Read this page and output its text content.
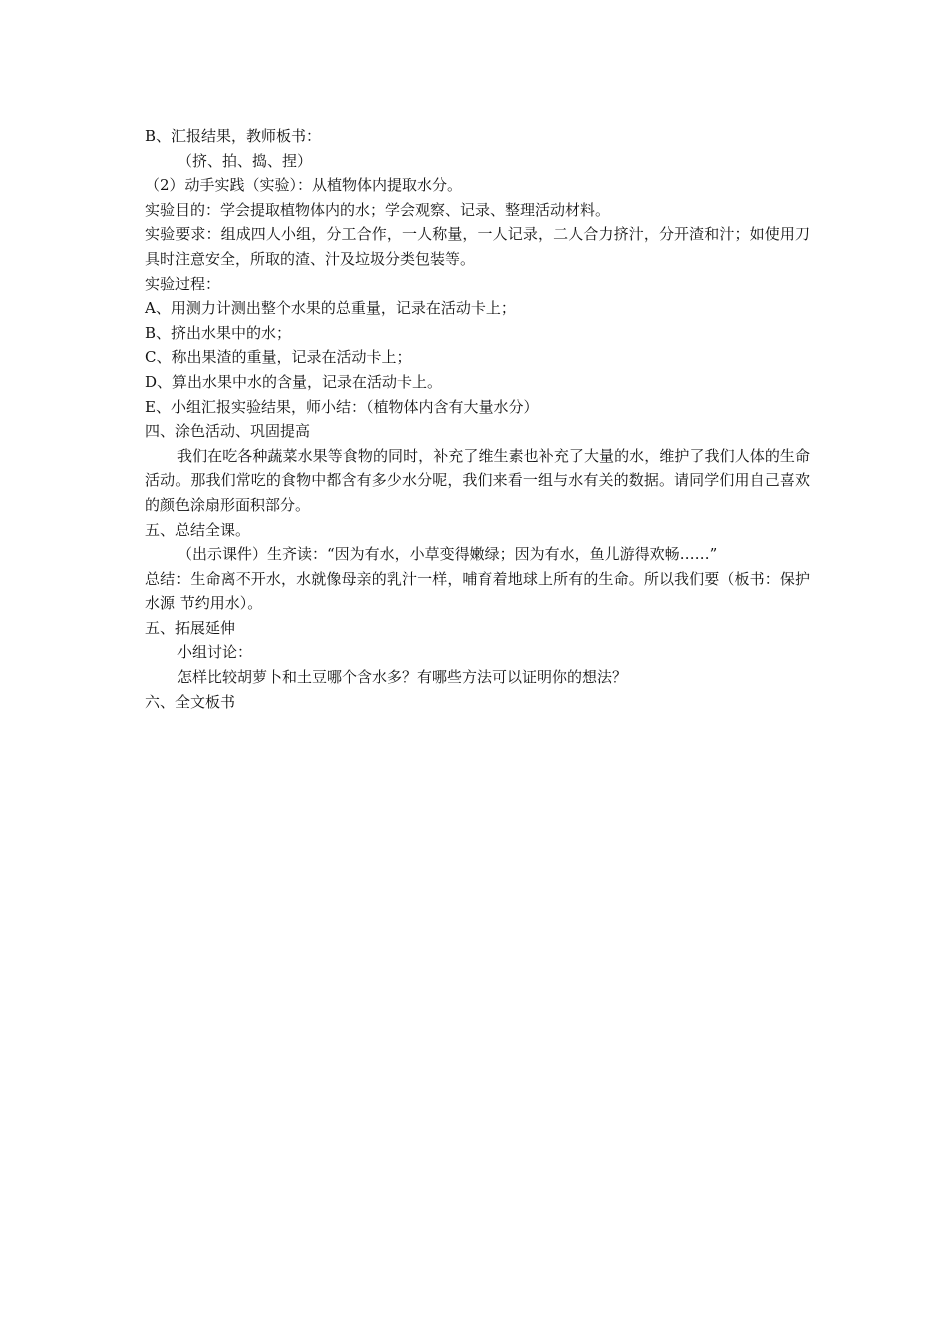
B、汇报结果，教师板书：
（挤、拍、捣、捏）
（2）动手实践（实验）：从植物体内提取水分。
实验目的：学会提取植物体内的水；学会观察、记录、整理活动材料。
实验要求：组成四人小组，分工合作，一人称量，一人记录，二人合力挤汁，分开渣和汁；如使用刀具时注意安全，所取的渣、汁及垃圾分类包装等。
实验过程：
A、用测力计测出整个水果的总重量，记录在活动卡上；
B、挤出水果中的水；
C、称出果渣的重量，记录在活动卡上；
D、算出水果中水的含量，记录在活动卡上。
E、小组汇报实验结果，师小结：（植物体内含有大量水分）
四、涂色活动、巩固提高
我们在吃各种蔬菜水果等食物的同时，补充了维生素也补充了大量的水，维护了我们人体的生命活动。那我们常吃的食物中都含有多少水分呢，我们来看一组与水有关的数据。请同学们用自己喜欢的颜色涂扇形面积部分。
五、总结全课。
（出示课件）生齐读：“因为有水，小草变得嫩绿；因为有水，鱼儿游得欢畅……”
总结：生命离不开水，水就像母亲的乳汁一样，哺育着地球上所有的生命。所以我们要（板书：保护水源 节约用水）。
五、拓展延伸
小组讨论：
怎样比较胡萝卜和土豆哪个含水多？有哪些方法可以证明你的想法？
六、全文板书
